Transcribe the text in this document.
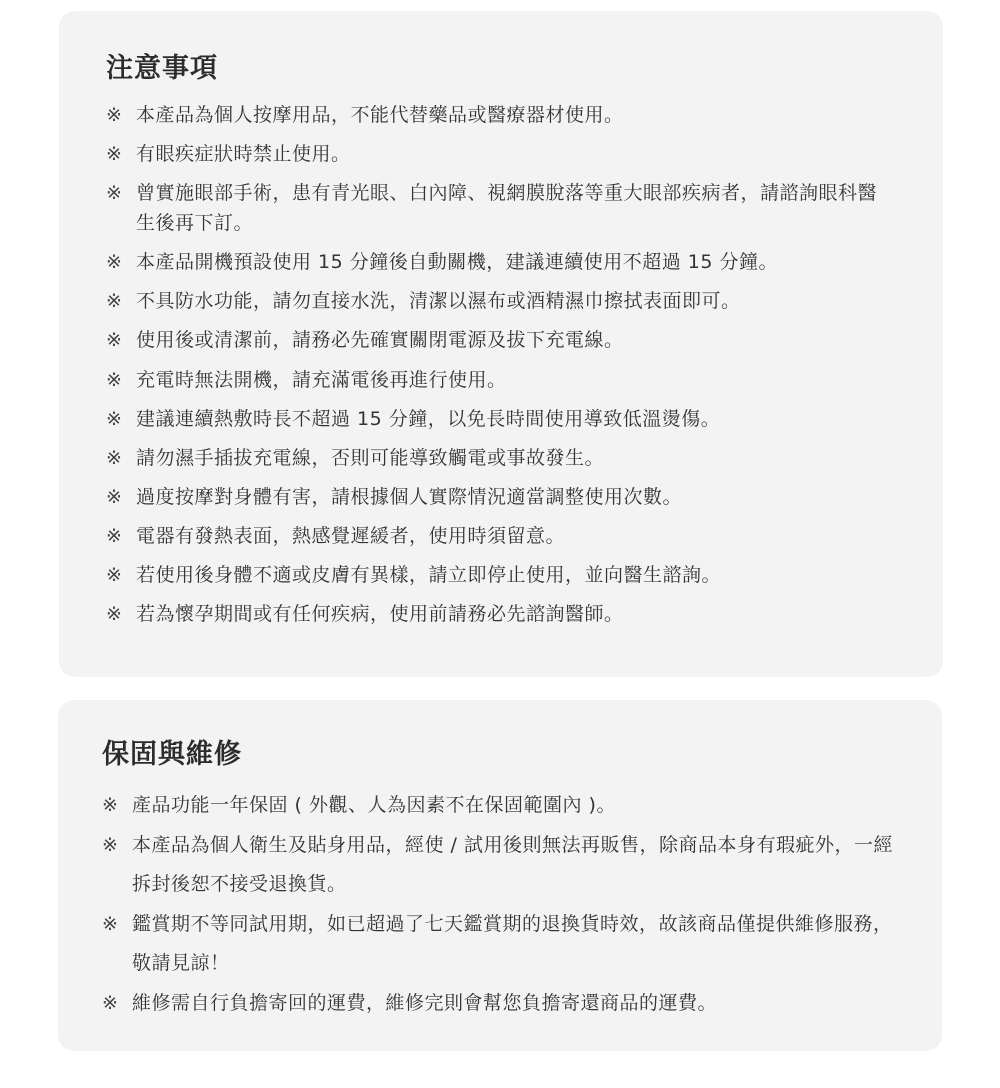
注意事項
※ 本產品為個人按摩用品，不能代替藥品或醫療器材使用。
※ 有眼疾症狀時禁止使用。
※ 曾實施眼部手術，患有青光眼、白內障、視網膜脫落等重大眼部疾病者，請諮詢眼科醫生後再下訂。
※ 本產品開機預設使用 15 分鐘後自動關機，建議連續使用不超過 15 分鐘。
※ 不具防水功能，請勿直接水洗，清潔以濕布或酒精濕巾擦拭表面即可。
※ 使用後或清潔前，請務必先確實關閉電源及拔下充電線。
※ 充電時無法開機，請充滿電後再進行使用。
※ 建議連續熱敷時長不超過 15 分鐘，以免長時間使用導致低溫燙傷。
※ 請勿濕手插拔充電線，否則可能導致觸電或事故發生。
※ 過度按摩對身體有害，請根據個人實際情況適當調整使用次數。
※ 電器有發熱表面，熱感覺遲緩者，使用時須留意。
※ 若使用後身體不適或皮膚有異樣，請立即停止使用，並向醫生諮詢。
※ 若為懷孕期間或有任何疾病，使用前請務必先諮詢醫師。
保固與維修
※ 產品功能一年保固 ( 外觀、人為因素不在保固範圍內 )。
※ 本產品為個人衛生及貼身用品，經使 / 試用後則無法再販售，除商品本身有瑕疵外，一經拆封後恕不接受退換貨。
※ 鑑賞期不等同試用期，如已超過了七天鑑賞期的退換貨時效，故該商品僅提供維修服務，敬請見諒！
※ 維修需自行負擔寄回的運費，維修完則會幫您負擔寄還商品的運費。
